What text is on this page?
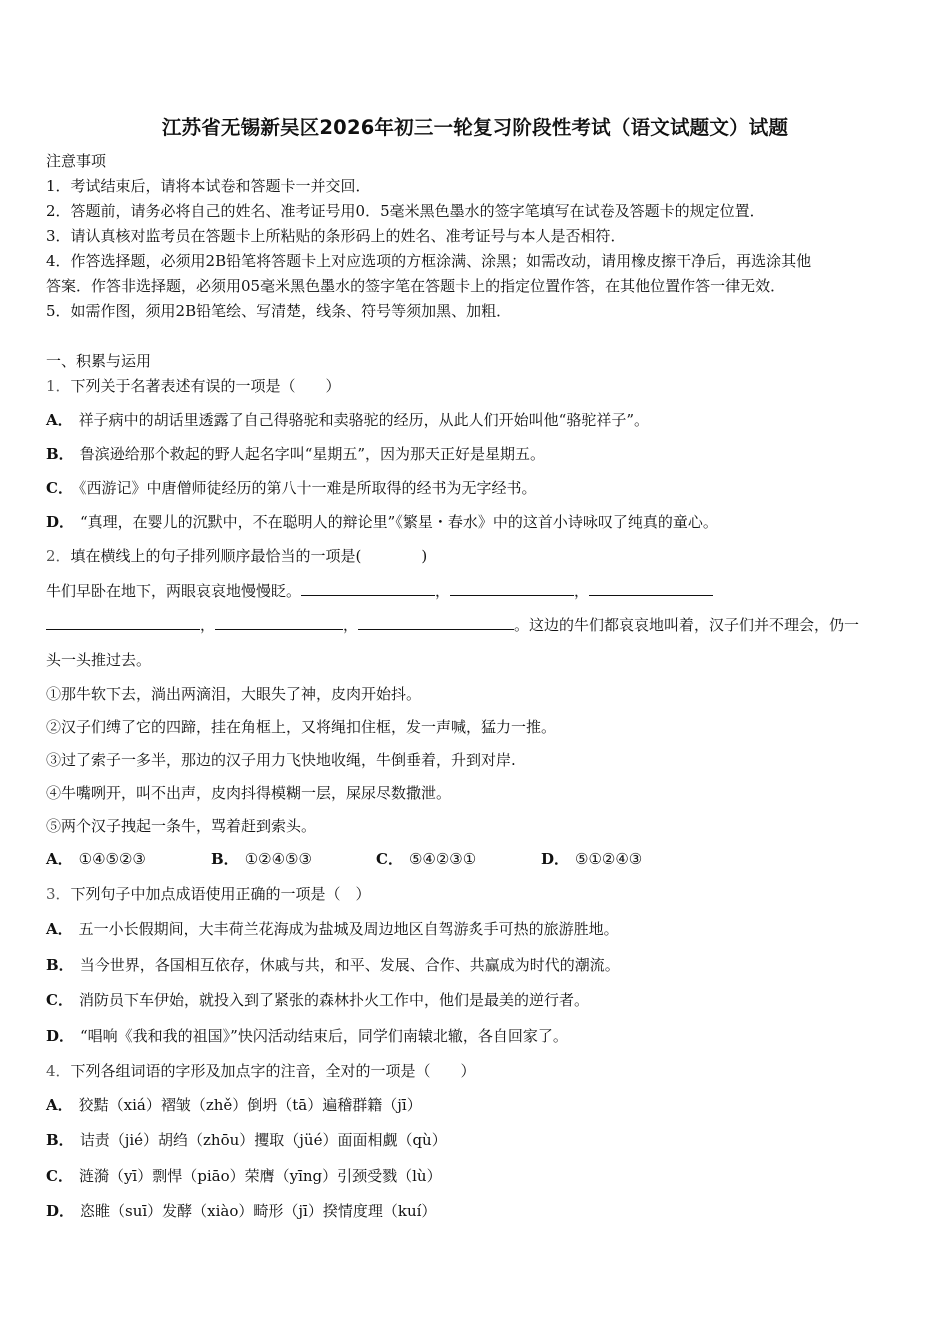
江苏省无锡新吴区2026年初三一轮复习阶段性考试（语文试题文）试题
注意事项
1．考试结束后，请将本试卷和答题卡一并交回．
2．答题前，请务必将自己的姓名、准考证号用0．5毫米黑色墨水的签字笔填写在试卷及答题卡的规定位置．
3．请认真核对监考员在答题卡上所粘贴的条形码上的姓名、准考证号与本人是否相符．
4．作答选择题，必须用2B铅笔将答题卡上对应选项的方框涂满、涂黑；如需改动，请用橡皮擦干净后，再选涂其他
答案．作答非选择题，必须用05毫米黑色墨水的签字笔在答题卡上的指定位置作答，在其他位置作答一律无效．
5．如需作图，须用2B铅笔绘、写清楚，线条、符号等须加黑、加粗．
一、积累与运用
1．下列关于名著表述有误的一项是（　　）
A． 祥子病中的胡话里透露了自己得骆驼和卖骆驼的经历，从此人们开始叫他“骆驼祥子”。
B． 鲁滨逊给那个救起的野人起名字叫“星期五”，因为那天正好是星期五。
C． 《西游记》中唐僧师徒经历的第八十一难是所取得的经书为无字经书。
D． “真理，在婴儿的沉默中，不在聪明人的辩论里”《繁星・春水》中的这首小诗咏叹了纯真的童心。
2．填在横线上的句子排列顺序最恰当的一项是(　　　　)
牛们早卧在地下，两眼哀哀地慢慢眨。	，	，
，	，	。这边的牛们都哀哀地叫着，汉子们并不理会，仍一
头一头推过去。
①那牛软下去，淌出两滴泪，大眼失了神，皮肉开始抖。
②汉子们缚了它的四蹄，挂在角框上，又将绳扣住框，发一声喊，猛力一推。
③过了索子一多半，那边的汉子用力飞快地收绳，牛倒垂着，升到对岸.
④牛嘴咧开，叫不出声，皮肉抖得模糊一层，屎尿尽数撒泄。
⑤两个汉子拽起一条牛，骂着赶到索头。
A． ①④⑤②③	B． ①②④⑤③	C． ⑤④②③①	D． ⑤①②④③
3．下列句子中加点成语使用正确的一项是（　）
A． 五一小长假期间，大丰荷兰花海成为盐城及周边地区自驾游炙手可热的旅游胜地。
B． 当今世界，各国相互依存，休戚与共，和平、发展、合作、共赢成为时代的潮流。
C． 消防员下车伊始，就投入到了紧张的森林扑火工作中，他们是最美的逆行者。
D． “唱响《我和我的祖国》”快闪活动结束后，同学们南辕北辙，各自回家了。
4．下列各组词语的字形及加点字的注音，全对的一项是（　　）
A． 狡黠（xiá）褶皱（zhě）倒坍（tā）遍稽群籍（jī）
B． 诘责（jié）胡绉（zhōu）攫取（jüé）面面相觑（qù）
C． 涟漪（yī）剽悍（piāo）荣膺（yīng）引颈受戮（lù）
D． 恣睢（suī）发酵（xiào）畸形（jī）揆情度理（kuí）
